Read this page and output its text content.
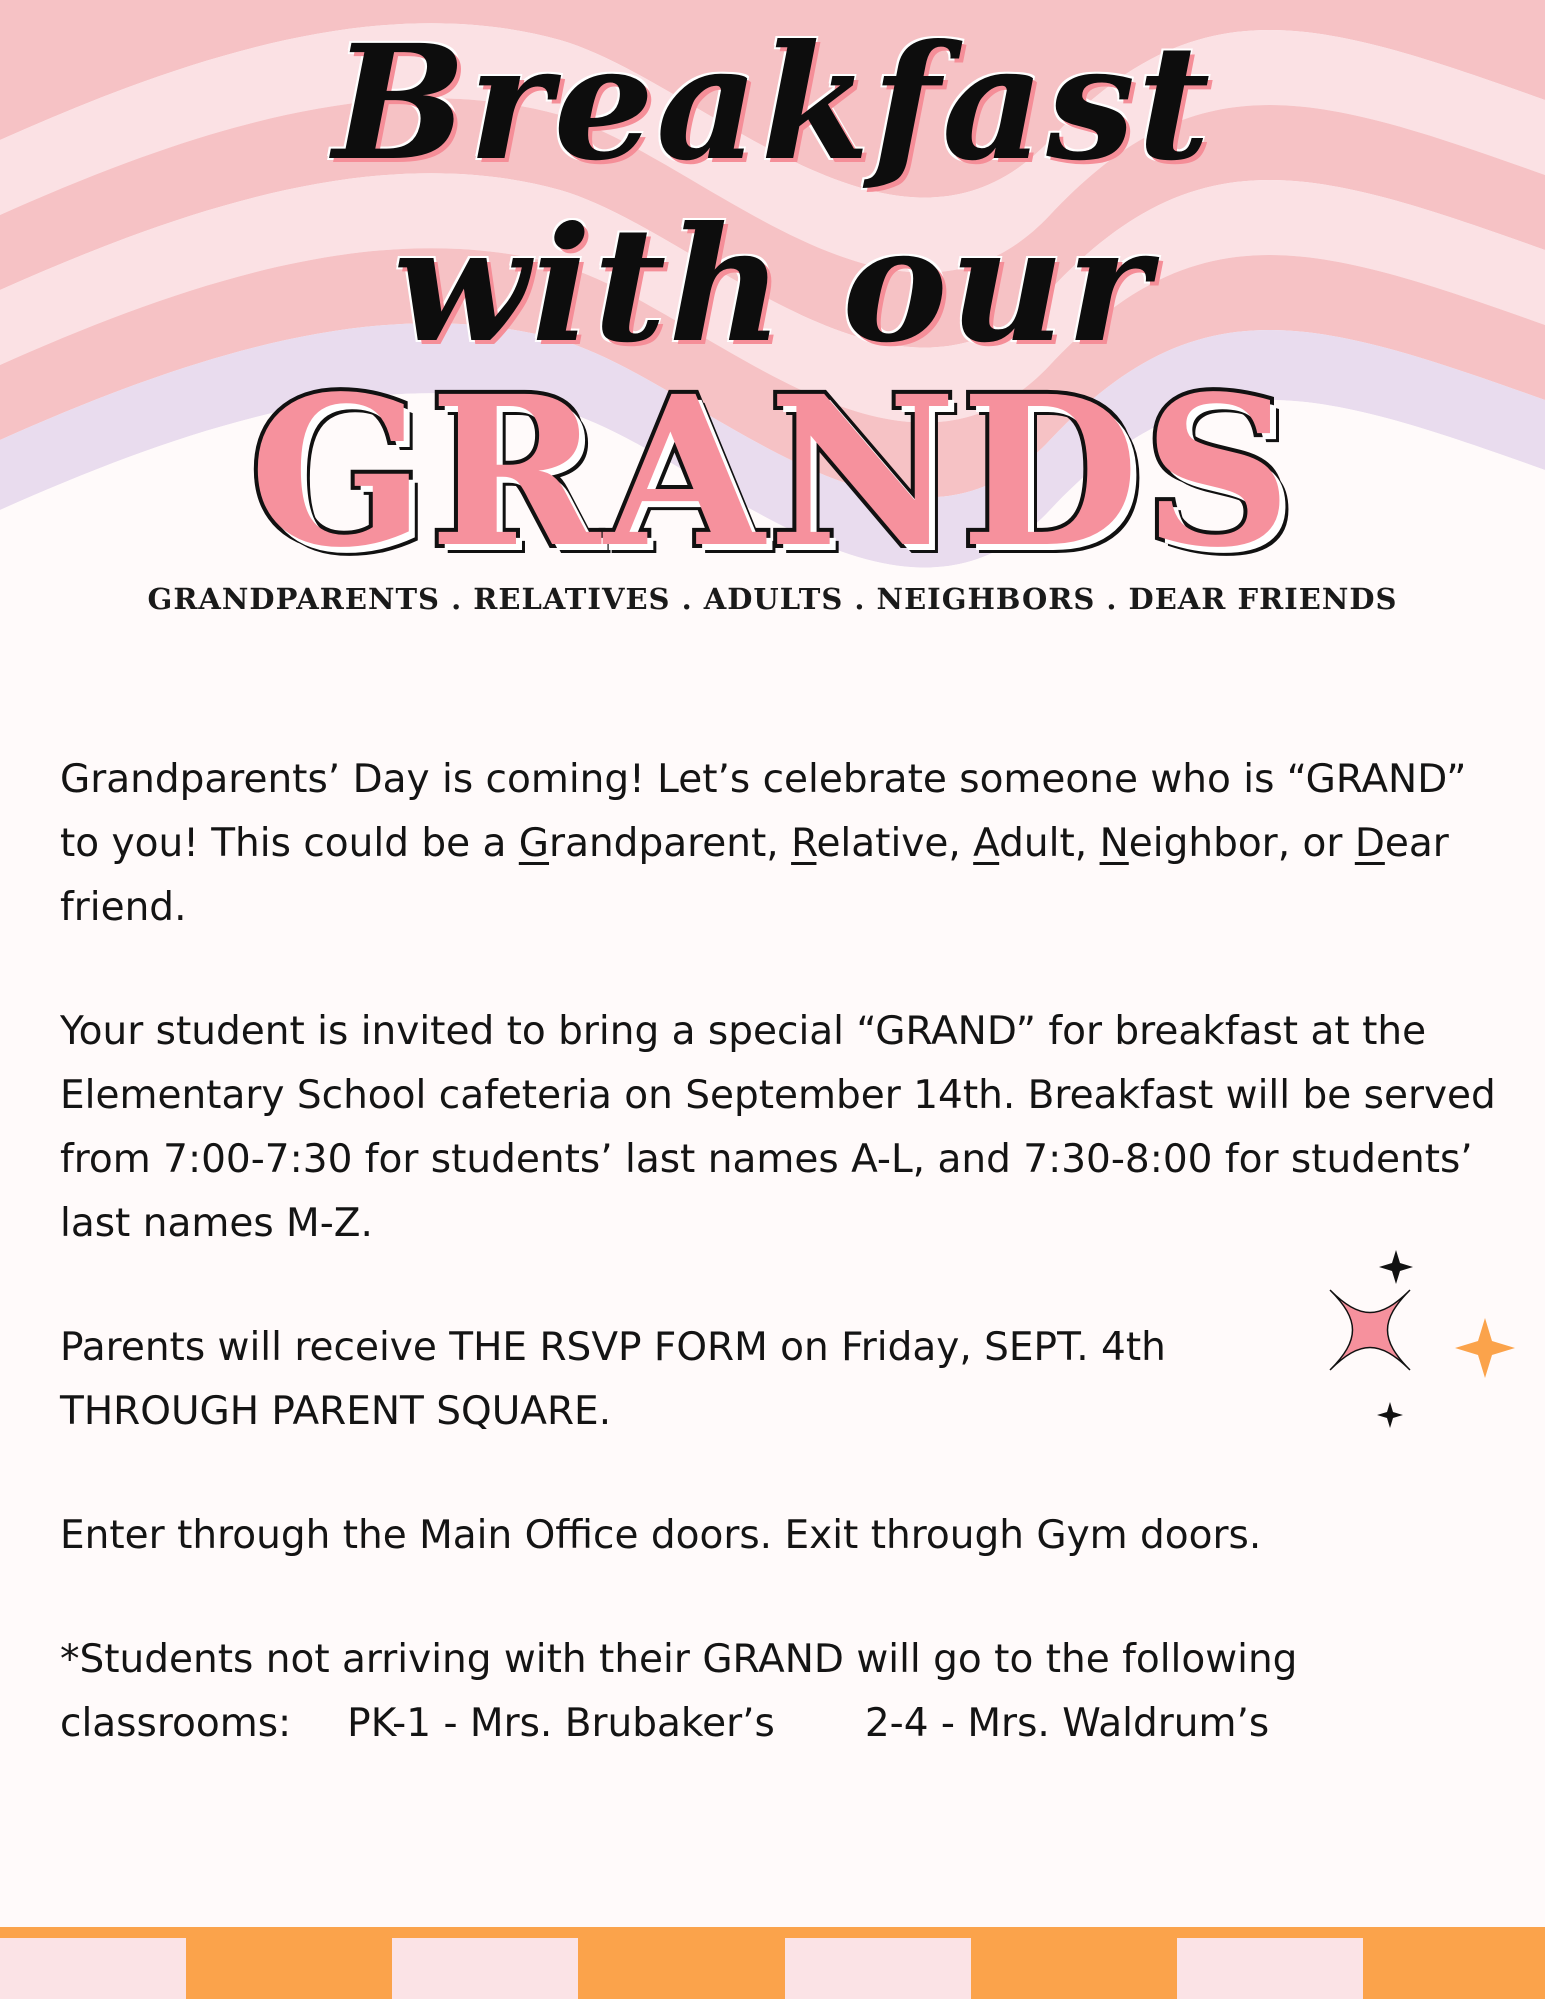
Breakfast
with our
GRANDS
GRANDPARENTS . RELATIVES . ADULTS . NEIGHBORS . DEAR FRIENDS

Grandparents’ Day is coming! Let’s celebrate someone who is “GRAND” to you! This could be a Grandparent, Relative, Adult, Neighbor, or Dear friend.

Your student is invited to bring a special “GRAND” for breakfast at the Elementary School cafeteria on September 14th. Breakfast will be served from 7:00-7:30 for students’ last names A-L, and 7:30-8:00 for students’ last names M-Z.

Parents will receive THE RSVP FORM on Friday, SEPT. 4th
THROUGH PARENT SQUARE.

Enter through the Main Office doors. Exit through Gym doors.

*Students not arriving with their GRAND will go to the following
classrooms: PK-1 - Mrs. Brubaker’s 2-4 - Mrs. Waldrum’s
